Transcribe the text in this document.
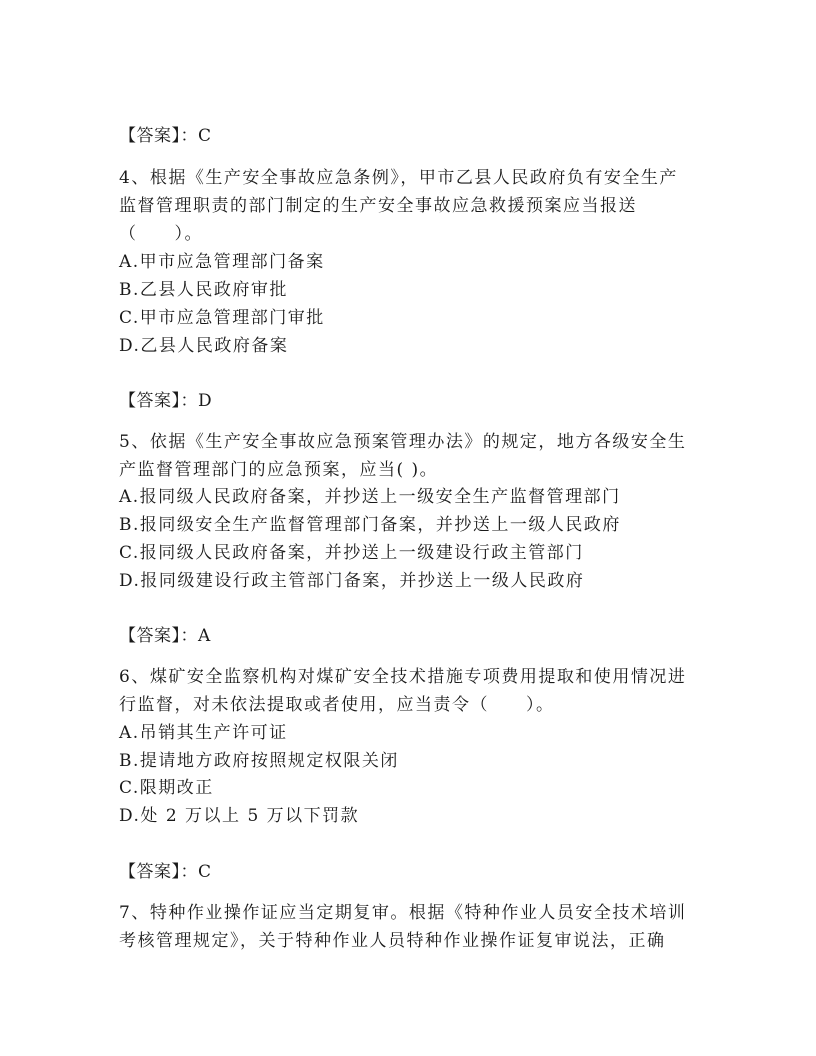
【答案】：C
4、根据《生产安全事故应急条例》，甲市乙县人民政府负有安全生产
监督管理职责的部门制定的生产安全事故应急救援预案应当报送
（　　）。
A.甲市应急管理部门备案
B.乙县人民政府审批
C.甲市应急管理部门审批
D.乙县人民政府备案
【答案】：D
5、依据《生产安全事故应急预案管理办法》的规定，地方各级安全生
产监督管理部门的应急预案，应当( )。
A.报同级人民政府备案，并抄送上一级安全生产监督管理部门
B.报同级安全生产监督管理部门备案，并抄送上一级人民政府
C.报同级人民政府备案，并抄送上一级建设行政主管部门
D.报同级建设行政主管部门备案，并抄送上一级人民政府
【答案】：A
6、煤矿安全监察机构对煤矿安全技术措施专项费用提取和使用情况进
行监督，对未依法提取或者使用，应当责令（　　）。
A.吊销其生产许可证
B.提请地方政府按照规定权限关闭
C.限期改正
D.处 2 万以上 5 万以下罚款
【答案】：C
7、特种作业操作证应当定期复审。根据《特种作业人员安全技术培训
考核管理规定》，关于特种作业人员特种作业操作证复审说法，正确
